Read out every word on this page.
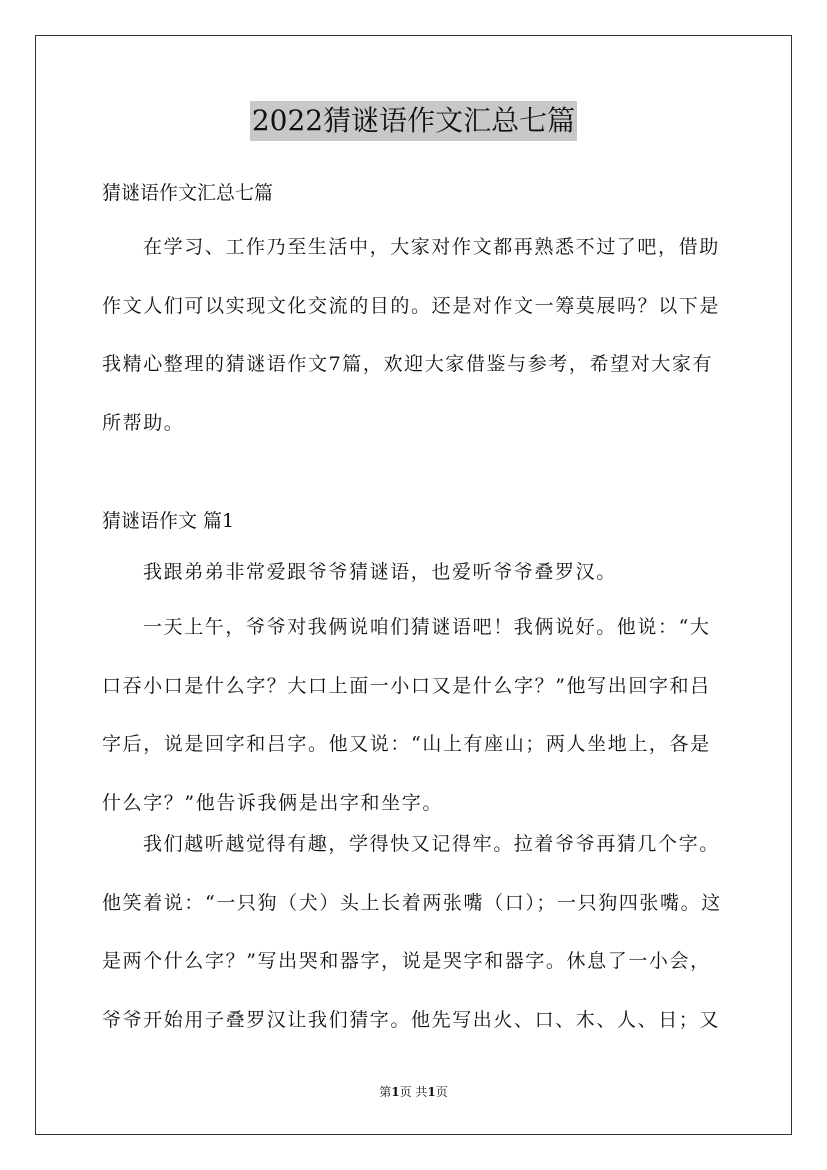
2022猜谜语作文汇总七篇
猜谜语作文汇总七篇

在学习、工作乃至生活中，大家对作文都再熟悉不过了吧，借助作文人们可以实现文化交流的目的。还是对作文一筹莫展吗？以下是我精心整理的猜谜语作文7篇，欢迎大家借鉴与参考，希望对大家有所帮助。

猜谜语作文 篇1

我跟弟弟非常爱跟爷爷猜谜语，也爱听爷爷叠罗汉。

一天上午，爷爷对我俩说咱们猜谜语吧！我俩说好。他说：“大口吞小口是什么字？大口上面一小口又是什么字？”他写出回字和吕字后，说是回字和吕字。他又说：“山上有座山；两人坐地上，各是什么字？”他告诉我俩是出字和坐字。

我们越听越觉得有趣，学得快又记得牢。拉着爷爷再猜几个字。他笑着说：“一只狗（犬）头上长着两张嘴（口）；一只狗四张嘴。这是两个什么字？”写出哭和器字，说是哭字和器字。休息了一小会，爷爷开始用子叠罗汉让我们猜字。他先写出火、口、木、人、日；又

第1页 共1页
